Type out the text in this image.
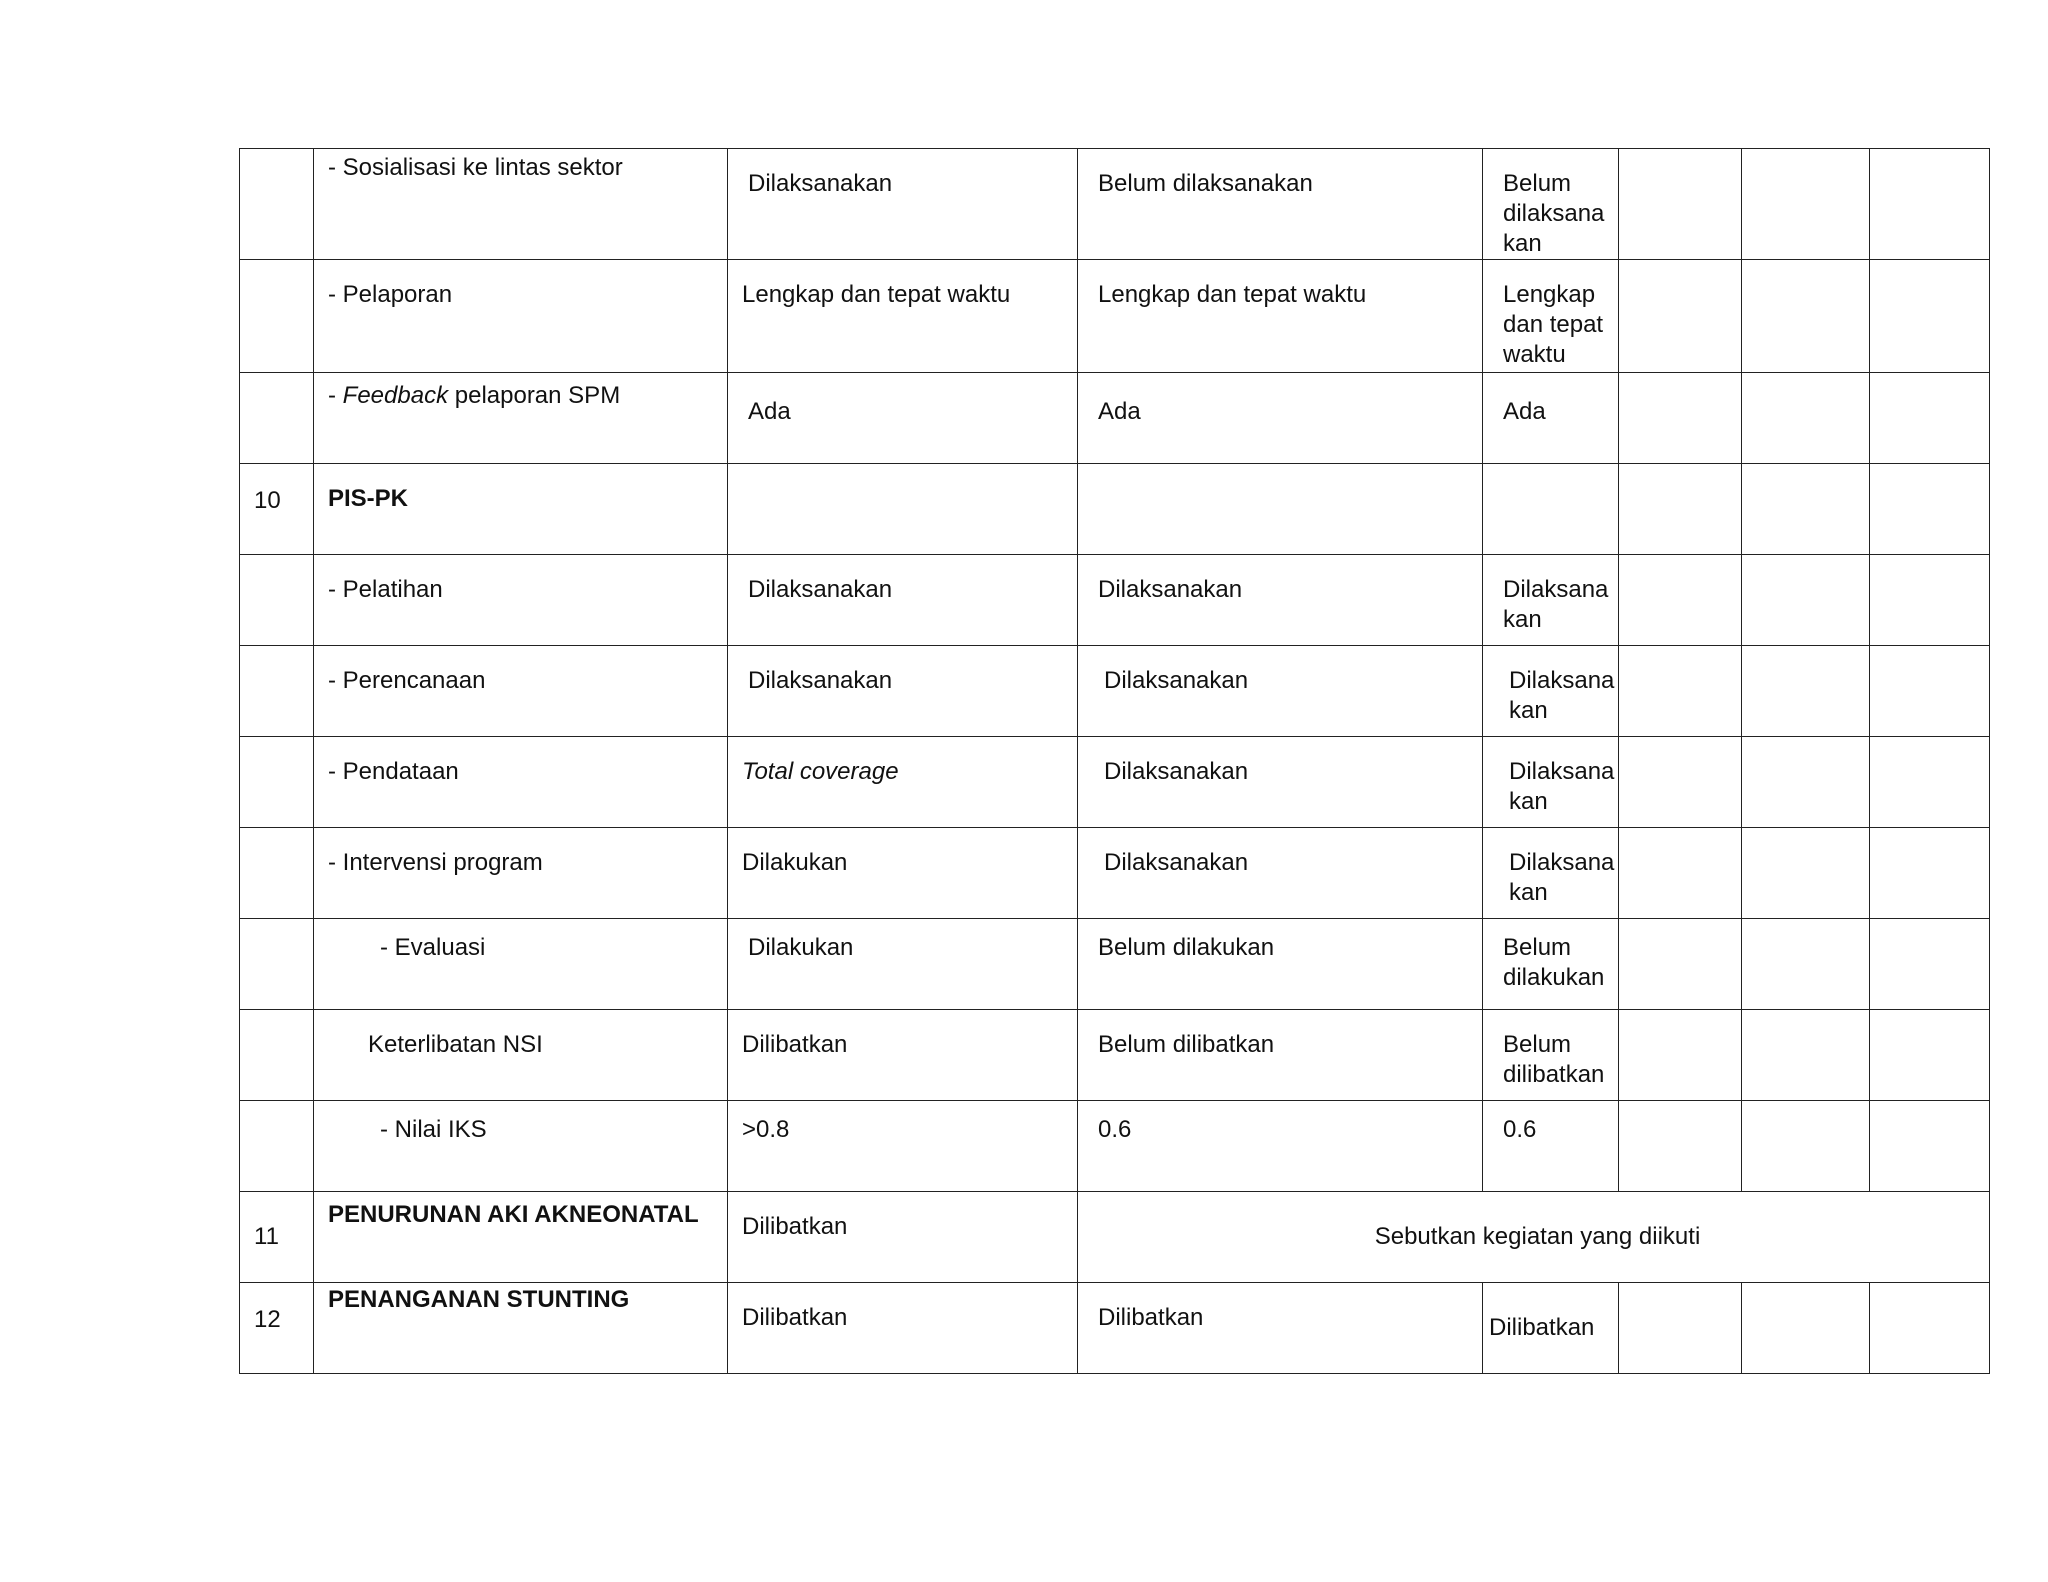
	- Sosialisasi ke lintas sektor	Dilaksanakan	Belum dilaksanakan	Belum dilaksanakan			
	- Pelaporan	Lengkap dan tepat waktu	Lengkap dan tepat waktu	Lengkap dan tepat waktu			
	- Feedback pelaporan SPM	Ada	Ada	Ada			
10	PIS-PK						
	- Pelatihan	Dilaksanakan	Dilaksanakan	Dilaksanakan			
	- Perencanaan	Dilaksanakan	Dilaksanakan	Dilaksanakan			
	- Pendataan	Total coverage	Dilaksanakan	Dilaksanakan			
	- Intervensi program	Dilakukan	Dilaksanakan	Dilaksanakan			
	- Evaluasi	Dilakukan	Belum dilakukan	Belum dilakukan			
	Keterlibatan NSI	Dilibatkan	Belum dilibatkan	Belum dilibatkan			
	- Nilai IKS	>0.8	0.6	0.6			
11	PENURUNAN AKI AKNEONATAL	Dilibatkan	Sebutkan kegiatan yang diikuti				
12	PENANGANAN STUNTING	Dilibatkan	Dilibatkan	Dilibatkan			
